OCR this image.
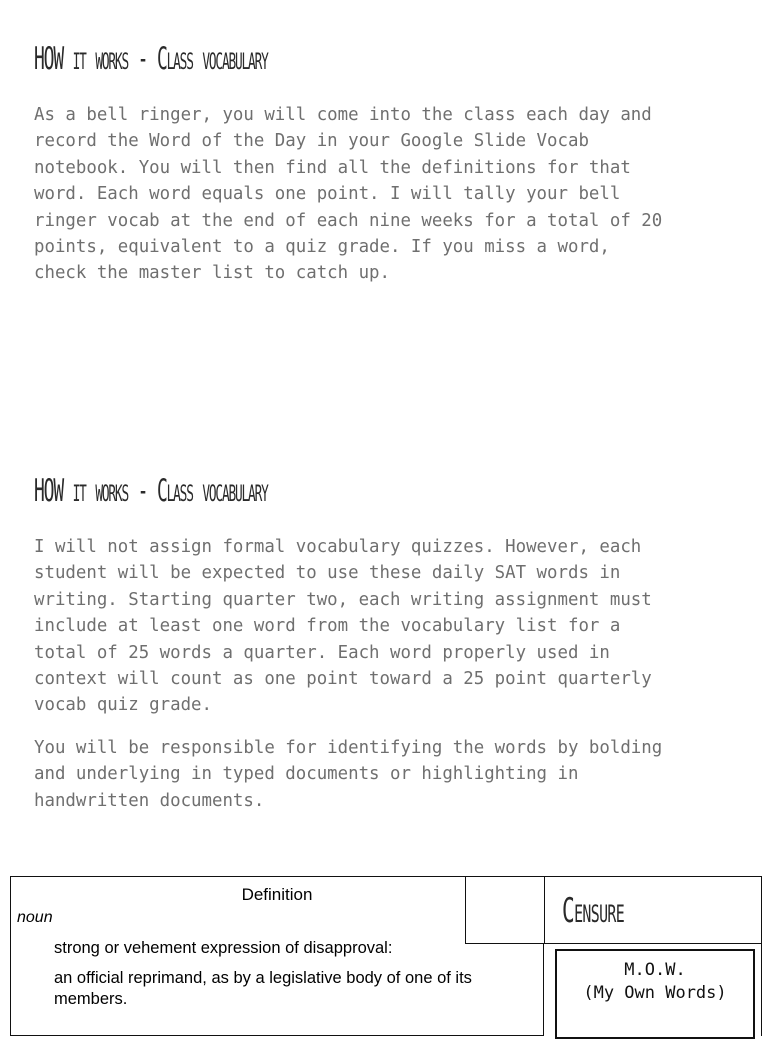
HOW it works - Class vocabulary

As a bell ringer, you will come into the class each day and
record the Word of the Day in your Google Slide Vocab
notebook. You will then find all the definitions for that
word. Each word equals one point. I will tally your bell
ringer vocab at the end of each nine weeks for a total of 20
points, equivalent to a quiz grade. If you miss a word,
check the master list to catch up.

HOW it works - Class vocabulary

I will not assign formal vocabulary quizzes. However, each
student will be expected to use these daily SAT words in
writing. Starting quarter two, each writing assignment must
include at least one word from the vocabulary list for a
total of 25 words a quarter. Each word properly used in
context will count as one point toward a 25 point quarterly
vocab quiz grade.

You will be responsible for identifying the words by bolding
and underlying in typed documents or highlighting in
handwritten documents.

Definition
noun
strong or vehement expression of disapproval:
an official reprimand, as by a legislative body of one of its members.
Censure
M.O.W.
(My Own Words)
